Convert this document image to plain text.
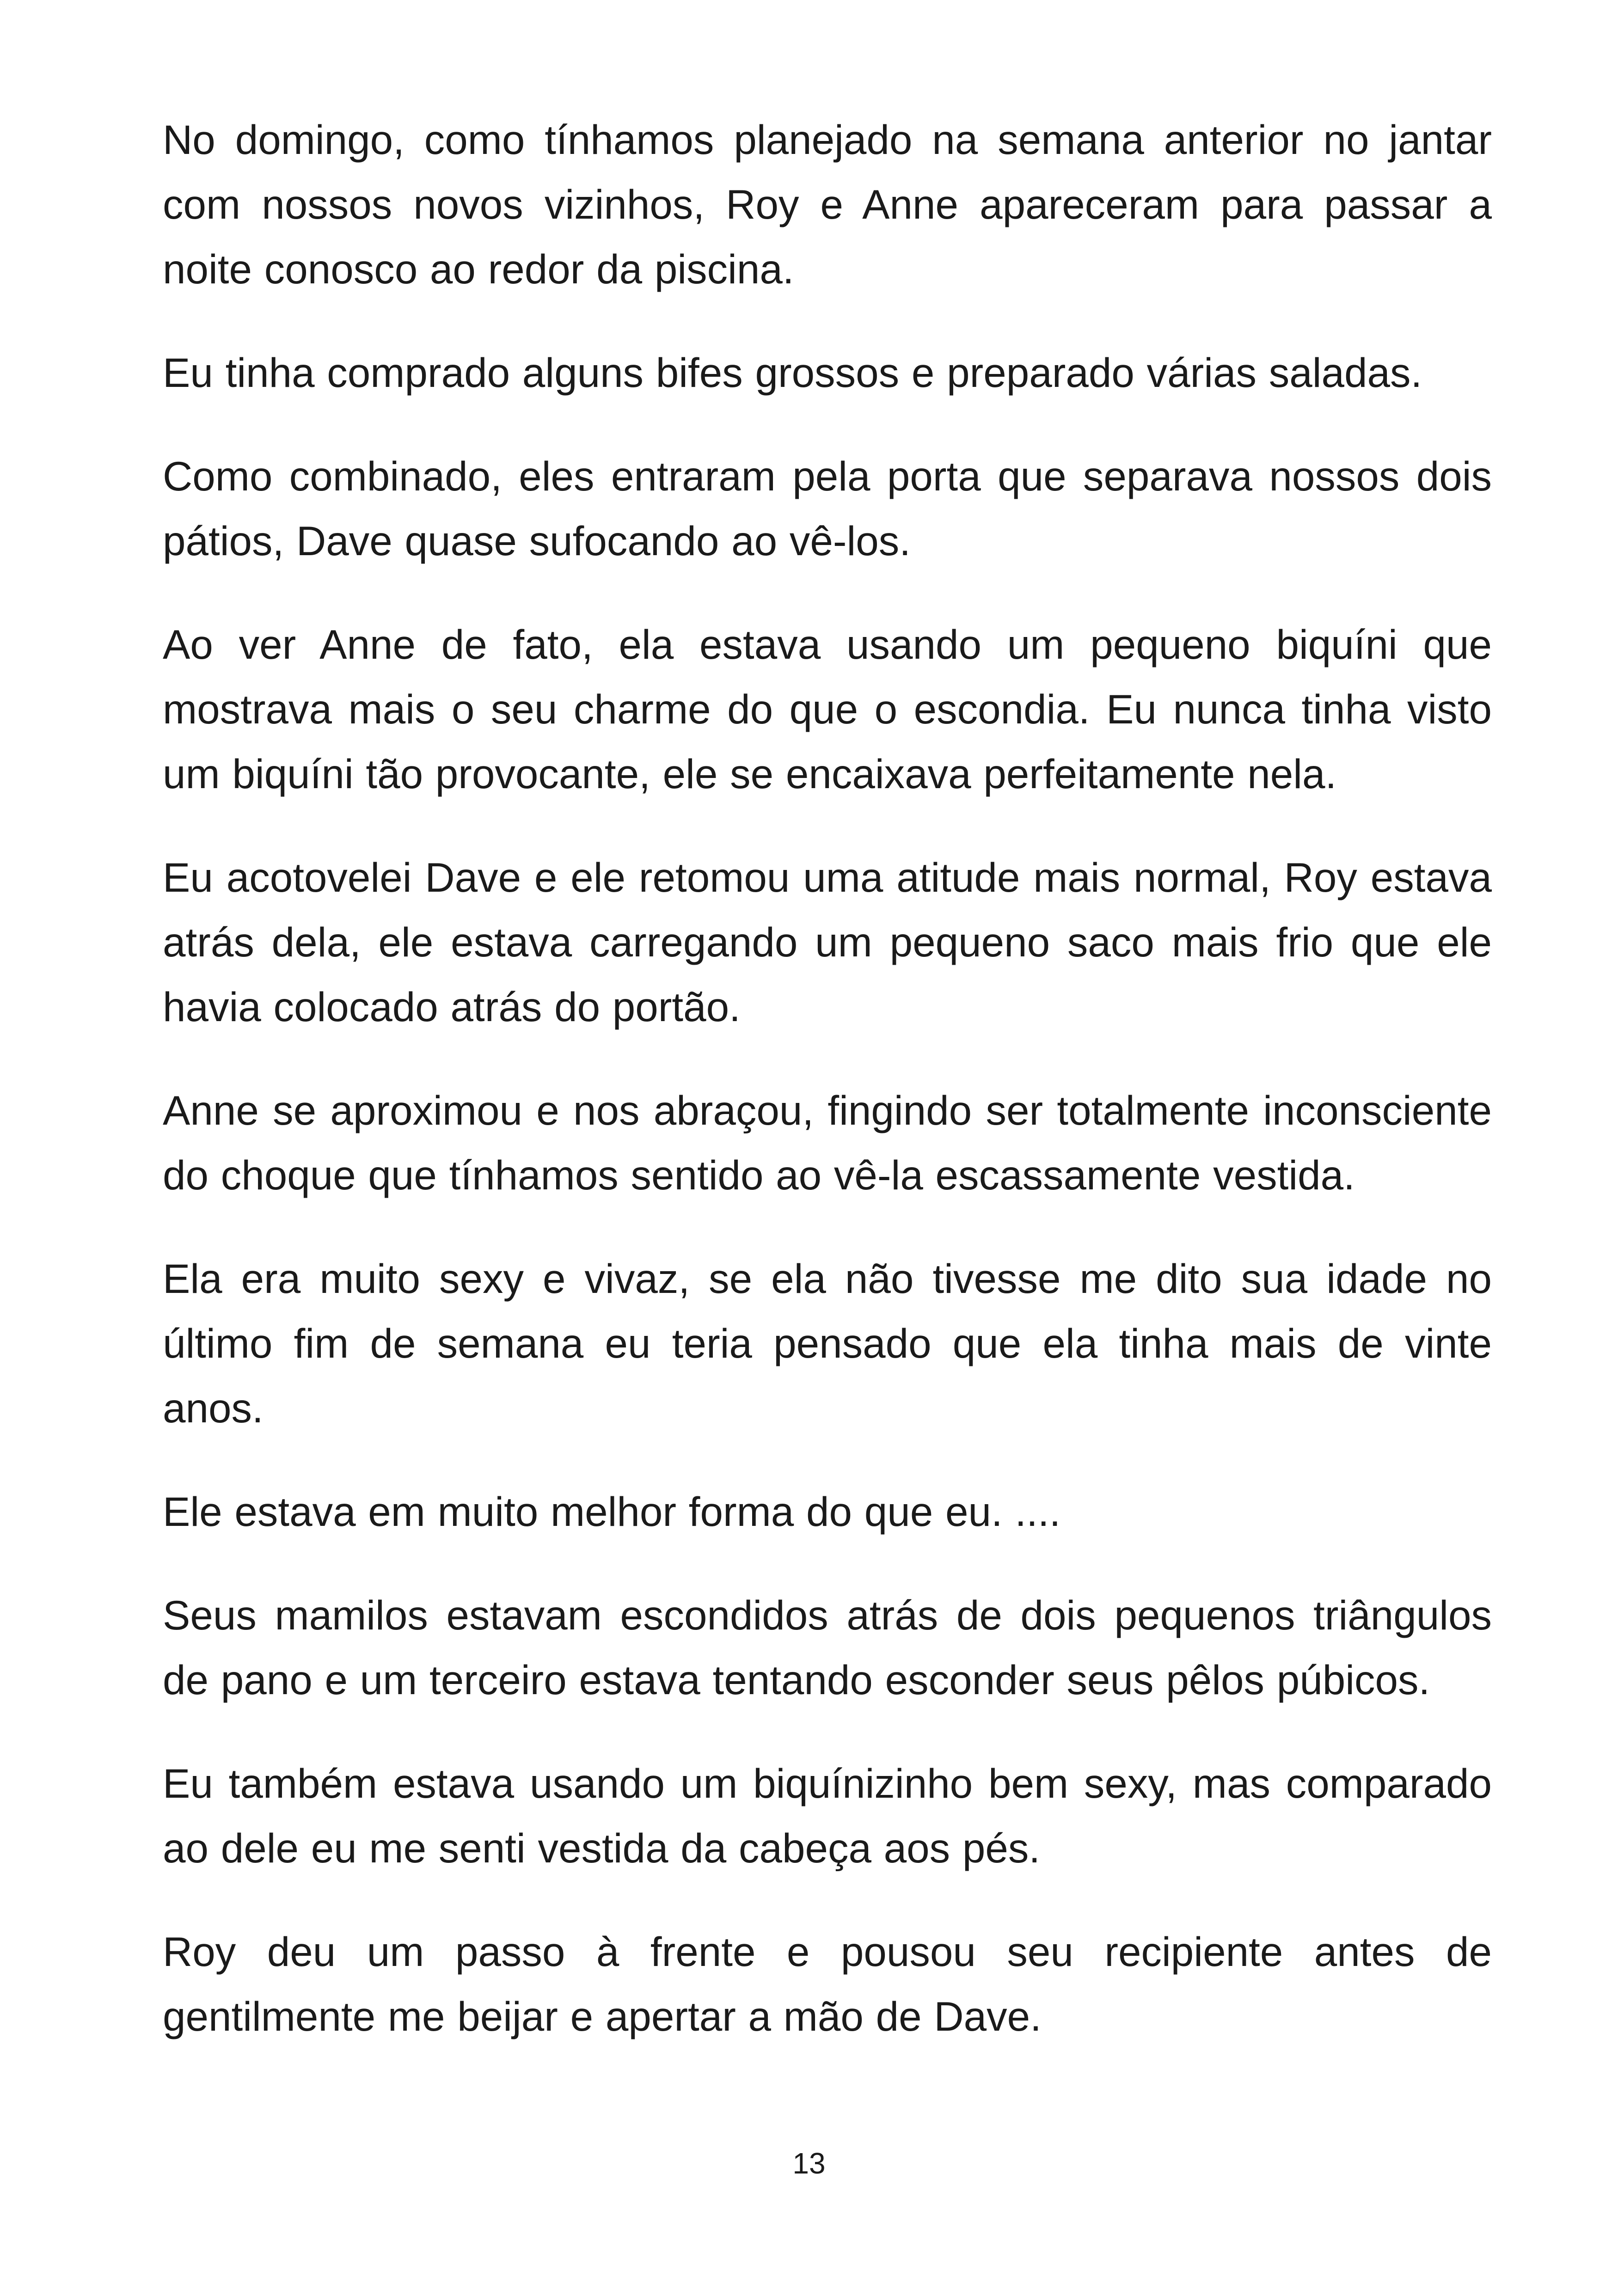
No domingo, como tínhamos planejado na semana anterior no jantar com nossos novos vizinhos, Roy e Anne apareceram para passar a noite conosco ao redor da piscina.

Eu tinha comprado alguns bifes grossos e preparado várias saladas.

Como combinado, eles entraram pela porta que separava nossos dois pátios, Dave quase sufocando ao vê-los.

Ao ver Anne de fato, ela estava usando um pequeno biquíni que mostrava mais o seu charme do que o escondia. Eu nunca tinha visto um biquíni tão provocante, ele se encaixava perfeitamente nela.

Eu acotovelei Dave e ele retomou uma atitude mais normal, Roy estava atrás dela, ele estava carregando um pequeno saco mais frio que ele havia colocado atrás do portão.

Anne se aproximou e nos abraçou, fingindo ser totalmente inconsciente do choque que tínhamos sentido ao vê-la escassamente vestida.

Ela era muito sexy e vivaz, se ela não tivesse me dito sua idade no último fim de semana eu teria pensado que ela tinha mais de vinte anos.

Ele estava em muito melhor forma do que eu. ....

Seus mamilos estavam escondidos atrás de dois pequenos triângulos de pano e um terceiro estava tentando esconder seus pêlos púbicos.

Eu também estava usando um biquínizinho bem sexy, mas comparado ao dele eu me senti vestida da cabeça aos pés.

Roy deu um passo à frente e pousou seu recipiente antes de gentilmente me beijar e apertar a mão de Dave.

13
